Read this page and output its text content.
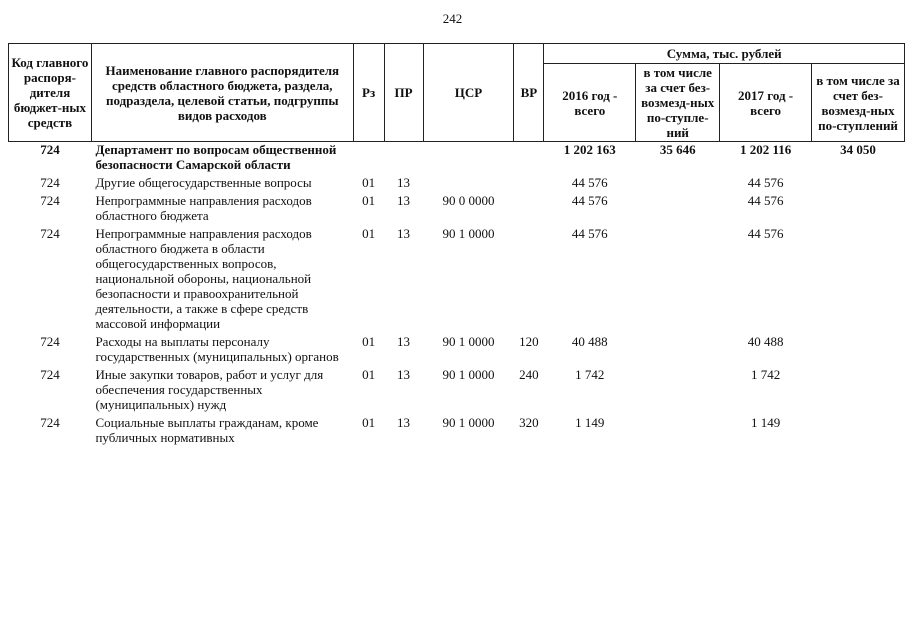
242
Код главного распоря-дителя бюджет-ных средств	Наименование главного распорядителя средств областного бюджета, раздела, подраздела, целевой статьи, подгруппы видов расходов	Рз	ПР	ЦСР	ВР	Сумма, тыс. рублей			
						2016 год - всего	в том числе за счет без-возмезд-ных по-ступле-ний	2017 год - всего	в том числе за счет без-возмезд-ных по-ступлений
724	Департамент по вопросам общественной безопасности Самарской области					1 202 163	35 646	1 202 116	34 050
724	Другие общегосударственные вопросы	01	13			44 576		44 576	
724	Непрограммные направления расходов областного бюджета	01	13	90 0 0000		44 576		44 576	
724	Непрограммные направления расходов областного бюджета в области общегосударственных вопросов, национальной обороны, национальной безопасности и правоохранительной деятельности, а также в сфере средств массовой информации	01	13	90 1 0000		44 576		44 576	
724	Расходы на выплаты персоналу государственных (муниципальных) органов	01	13	90 1 0000	120	40 488		40 488	
724	Иные закупки товаров, работ и услуг для обеспечения государственных (муниципальных) нужд	01	13	90 1 0000	240	1 742		1 742	
724	Социальные выплаты гражданам, кроме публичных нормативных	01	13	90 1 0000	320	1 149		1 149	
